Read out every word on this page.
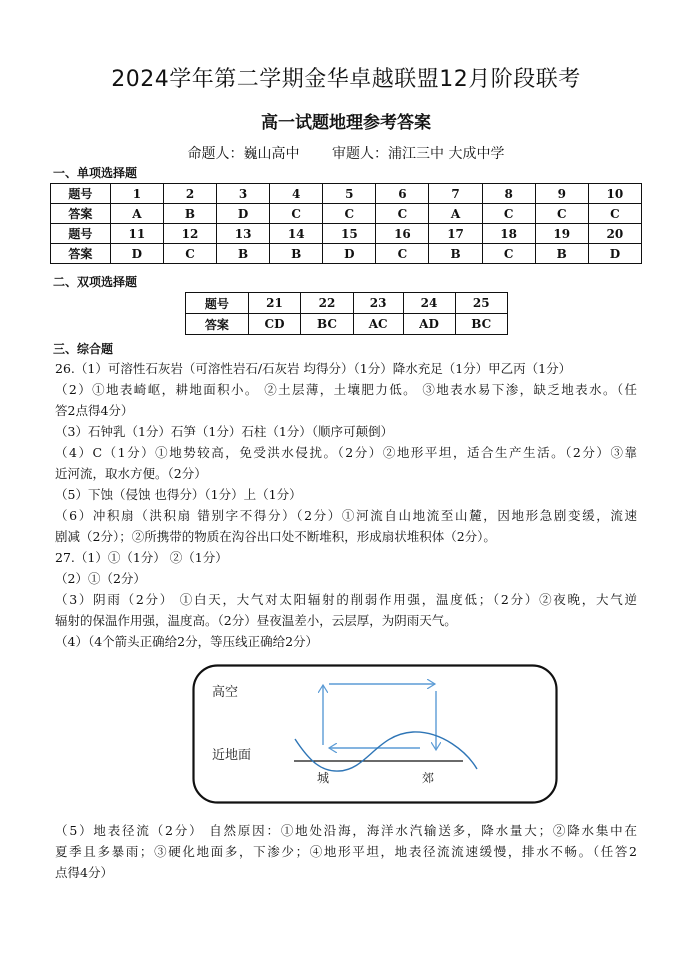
2024学年第二学期金华卓越联盟12月阶段联考
高一试题地理参考答案
命题人：巍山高中 审题人：浦江三中 大成中学
一、单项选择题
题号	1	2	3	4	5	6	7	8	9	10
答案	A	B	D	C	C	C	A	C	C	C
题号	11	12	13	14	15	16	17	18	19	20
答案	D	C	B	B	D	C	B	C	B	D
二、双项选择题
题号	21	22	23	24	25
答案	CD	BC	AC	AD	BC
三、综合题
26.（1）可溶性石灰岩（可溶性岩石/石灰岩 均得分）（1分）降水充足（1分）甲乙丙（1分）
（2）①地表崎岖，耕地面积小。 ②土层薄，土壤肥力低。 ③地表水易下渗，缺乏地表水。（任
答2点得4分）
（3）石钟乳（1分）石笋（1分）石柱（1分）（顺序可颠倒）
（4）C（1分）①地势较高，免受洪水侵扰。（2分）②地形平坦，适合生产生活。（2分）③靠
近河流，取水方便。（2分）
（5）下蚀（侵蚀 也得分）（1分）上（1分）
（6）冲积扇（洪积扇 错别字不得分）（2分）①河流自山地流至山麓，因地形急剧变缓，流速
剧减（2分）；②所携带的物质在沟谷出口处不断堆积，形成扇状堆积体（2分）。
27.（1）①（1分） ②（1分）
（2）①（2分）
（3）阴雨（2分） ①白天，大气对太阳辐射的削弱作用强，温度低；（2分）②夜晚，大气逆
辐射的保温作用强，温度高。（2分）昼夜温差小，云层厚，为阴雨天气。
（4）（4个箭头正确给2分，等压线正确给2分）
高空
近地面
城	郊
（5）地表径流（2分） 自然原因：①地处沿海，海洋水汽输送多，降水量大；②降水集中在
夏季且多暴雨；③硬化地面多，下渗少；④地形平坦，地表径流流速缓慢，排水不畅。（任答2
点得4分）
